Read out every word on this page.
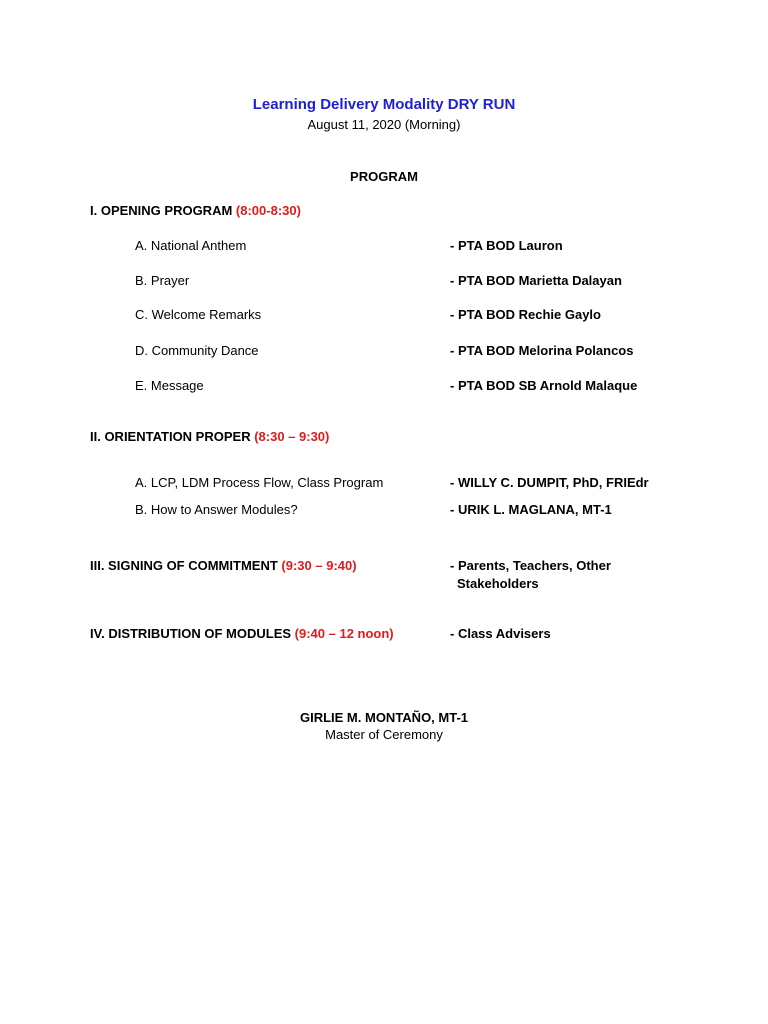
Learning Delivery Modality DRY RUN
August 11, 2020 (Morning)
PROGRAM
I. OPENING PROGRAM (8:00-8:30)
A. National Anthem	- PTA BOD Lauron
B. Prayer	- PTA BOD Marietta Dalayan
C. Welcome Remarks	- PTA BOD Rechie Gaylo
D. Community Dance	- PTA BOD Melorina Polancos
E. Message	- PTA BOD SB Arnold Malaque
II. ORIENTATION PROPER (8:30 – 9:30)
A. LCP, LDM Process Flow, Class Program	- WILLY C. DUMPIT, PhD, FRIEdr
B. How to Answer Modules?	- URIK L. MAGLANA, MT-1
III. SIGNING OF COMMITMENT (9:30 – 9:40)	- Parents, Teachers, Other
Stakeholders
IV. DISTRIBUTION OF MODULES (9:40 – 12 noon)	- Class Advisers
GIRLIE M. MONTAÑO, MT-1
Master of Ceremony
